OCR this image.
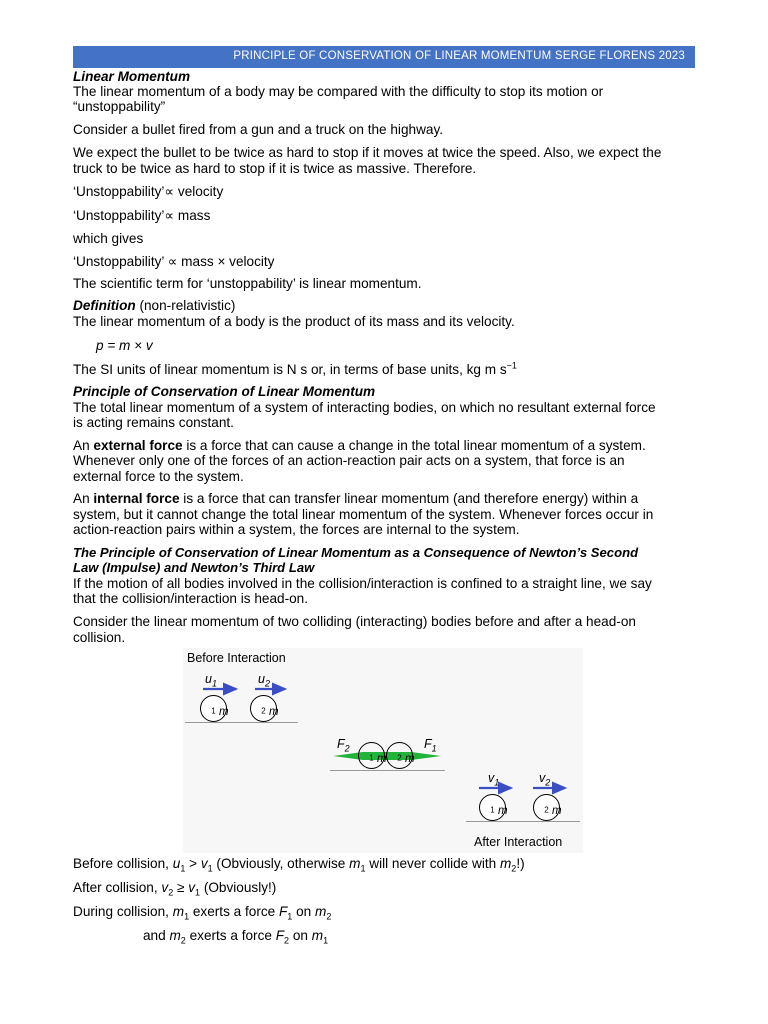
PRINCIPLE OF CONSERVATION OF LINEAR MOMENTUM SERGE FLORENS 2023
Linear Momentum
The linear momentum of a body may be compared with the difficulty to stop its motion or
“unstoppability”
Consider a bullet fired from a gun and a truck on the highway.
We expect the bullet to be twice as hard to stop if it moves at twice the speed. Also, we expect the
truck to be twice as hard to stop if it is twice as massive. Therefore.
‘Unstoppability’∝ velocity
‘Unstoppability’∝ mass
which gives
‘Unstoppability’ ∝ mass × velocity
The scientific term for ‘unstoppability’ is linear momentum.
Definition (non-relativistic)
The linear momentum of a body is the product of its mass and its velocity.
p = m × v
The SI units of linear momentum is N s or, in terms of base units, kg m $s^{-1}$
Principle of Conservation of Linear Momentum
The total linear momentum of a system of interacting bodies, on which no resultant external force
is acting remains constant.
An external force is a force that can cause a change in the total linear momentum of a system.
Whenever only one of the forces of an action-reaction pair acts on a system, that force is an
external force to the system.
An internal force is a force that can transfer linear momentum (and therefore energy) within a
system, but it cannot change the total linear momentum of the system. Whenever forces occur in
action-reaction pairs within a system, the forces are internal to the system.
The Principle of Conservation of Linear Momentum as a Consequence of Newton’s Second
Law (Impulse) and Newton’s Third Law
If the motion of all bodies involved in the collision/interaction is confined to a straight line, we say
that the collision/interaction is head-on.
Consider the linear momentum of two colliding (interacting) bodies before and after a head-on
collision.
Before Interaction
After Interaction
$u_1$	$u_2$
m
$_1$	m
$_2$
$F_2$	$F_1$
m
$_1$	m
$_2$
$v_1$	$v_2$
m
$_1$	m
$_2$
Before collision, $u_1 > v_1$ (Obviously, otherwise $m_1$ will never collide with $m_2$!)
After collision, $v_2 \ge v_1$ (Obviously!)
During collision, $m_1$ exerts a force $F_1$ on $m_2$
and $m_2$ exerts a force $F_2$ on $m_1$
